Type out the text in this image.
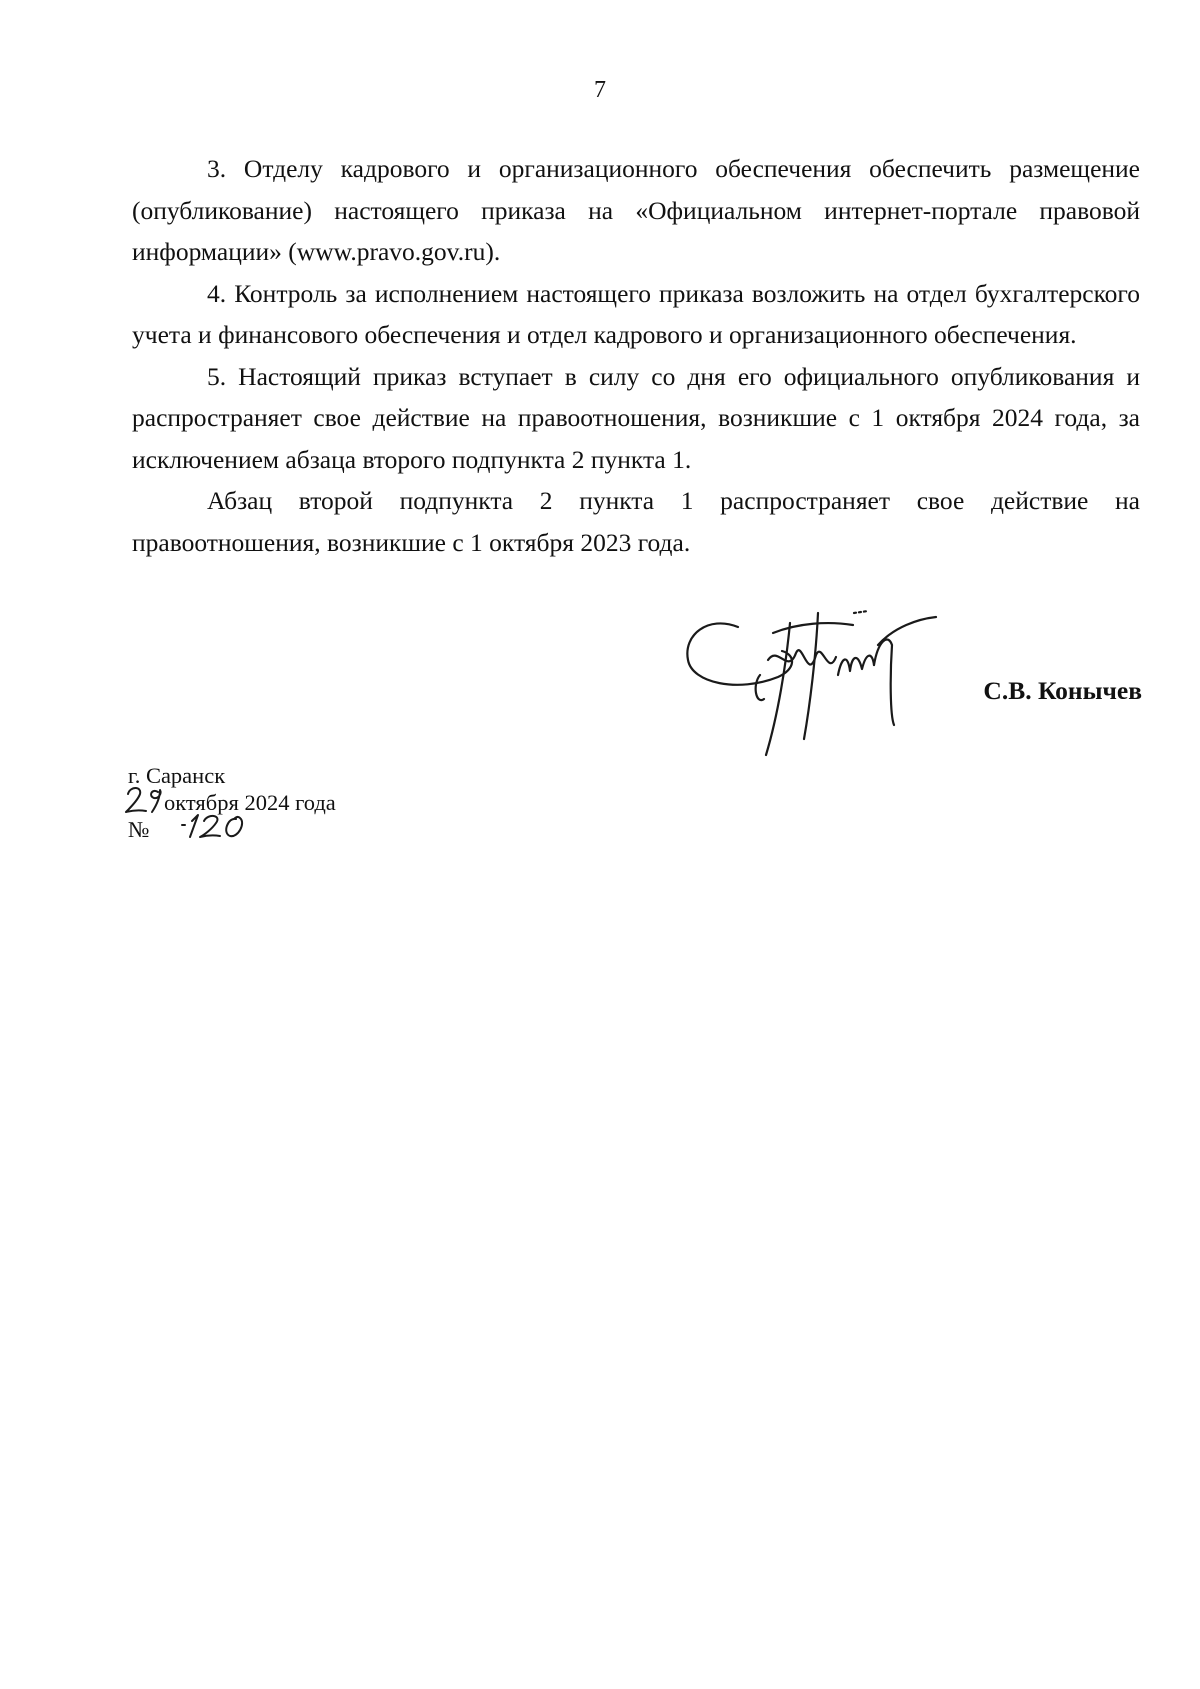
7

3. Отделу кадрового и организационного обеспечения обеспечить размещение (опубликование) настоящего приказа на «Официальном интернет-портале правовой информации» (www.pravo.gov.ru).

4. Контроль за исполнением настоящего приказа возложить на отдел бухгалтерского учета и финансового обеспечения и отдел кадрового и организационного обеспечения.

5. Настоящий приказ вступает в силу со дня его официального опубликования и распространяет свое действие на правоотношения, возникшие с 1 октября 2024 года, за исключением абзаца второго подпункта 2 пункта 1.

Абзац второй подпункта 2 пункта 1 распространяет свое действие на правоотношения, возникшие с 1 октября 2023 года.

С.В. Конычев
г. Саранск
октября 2024 года
№
